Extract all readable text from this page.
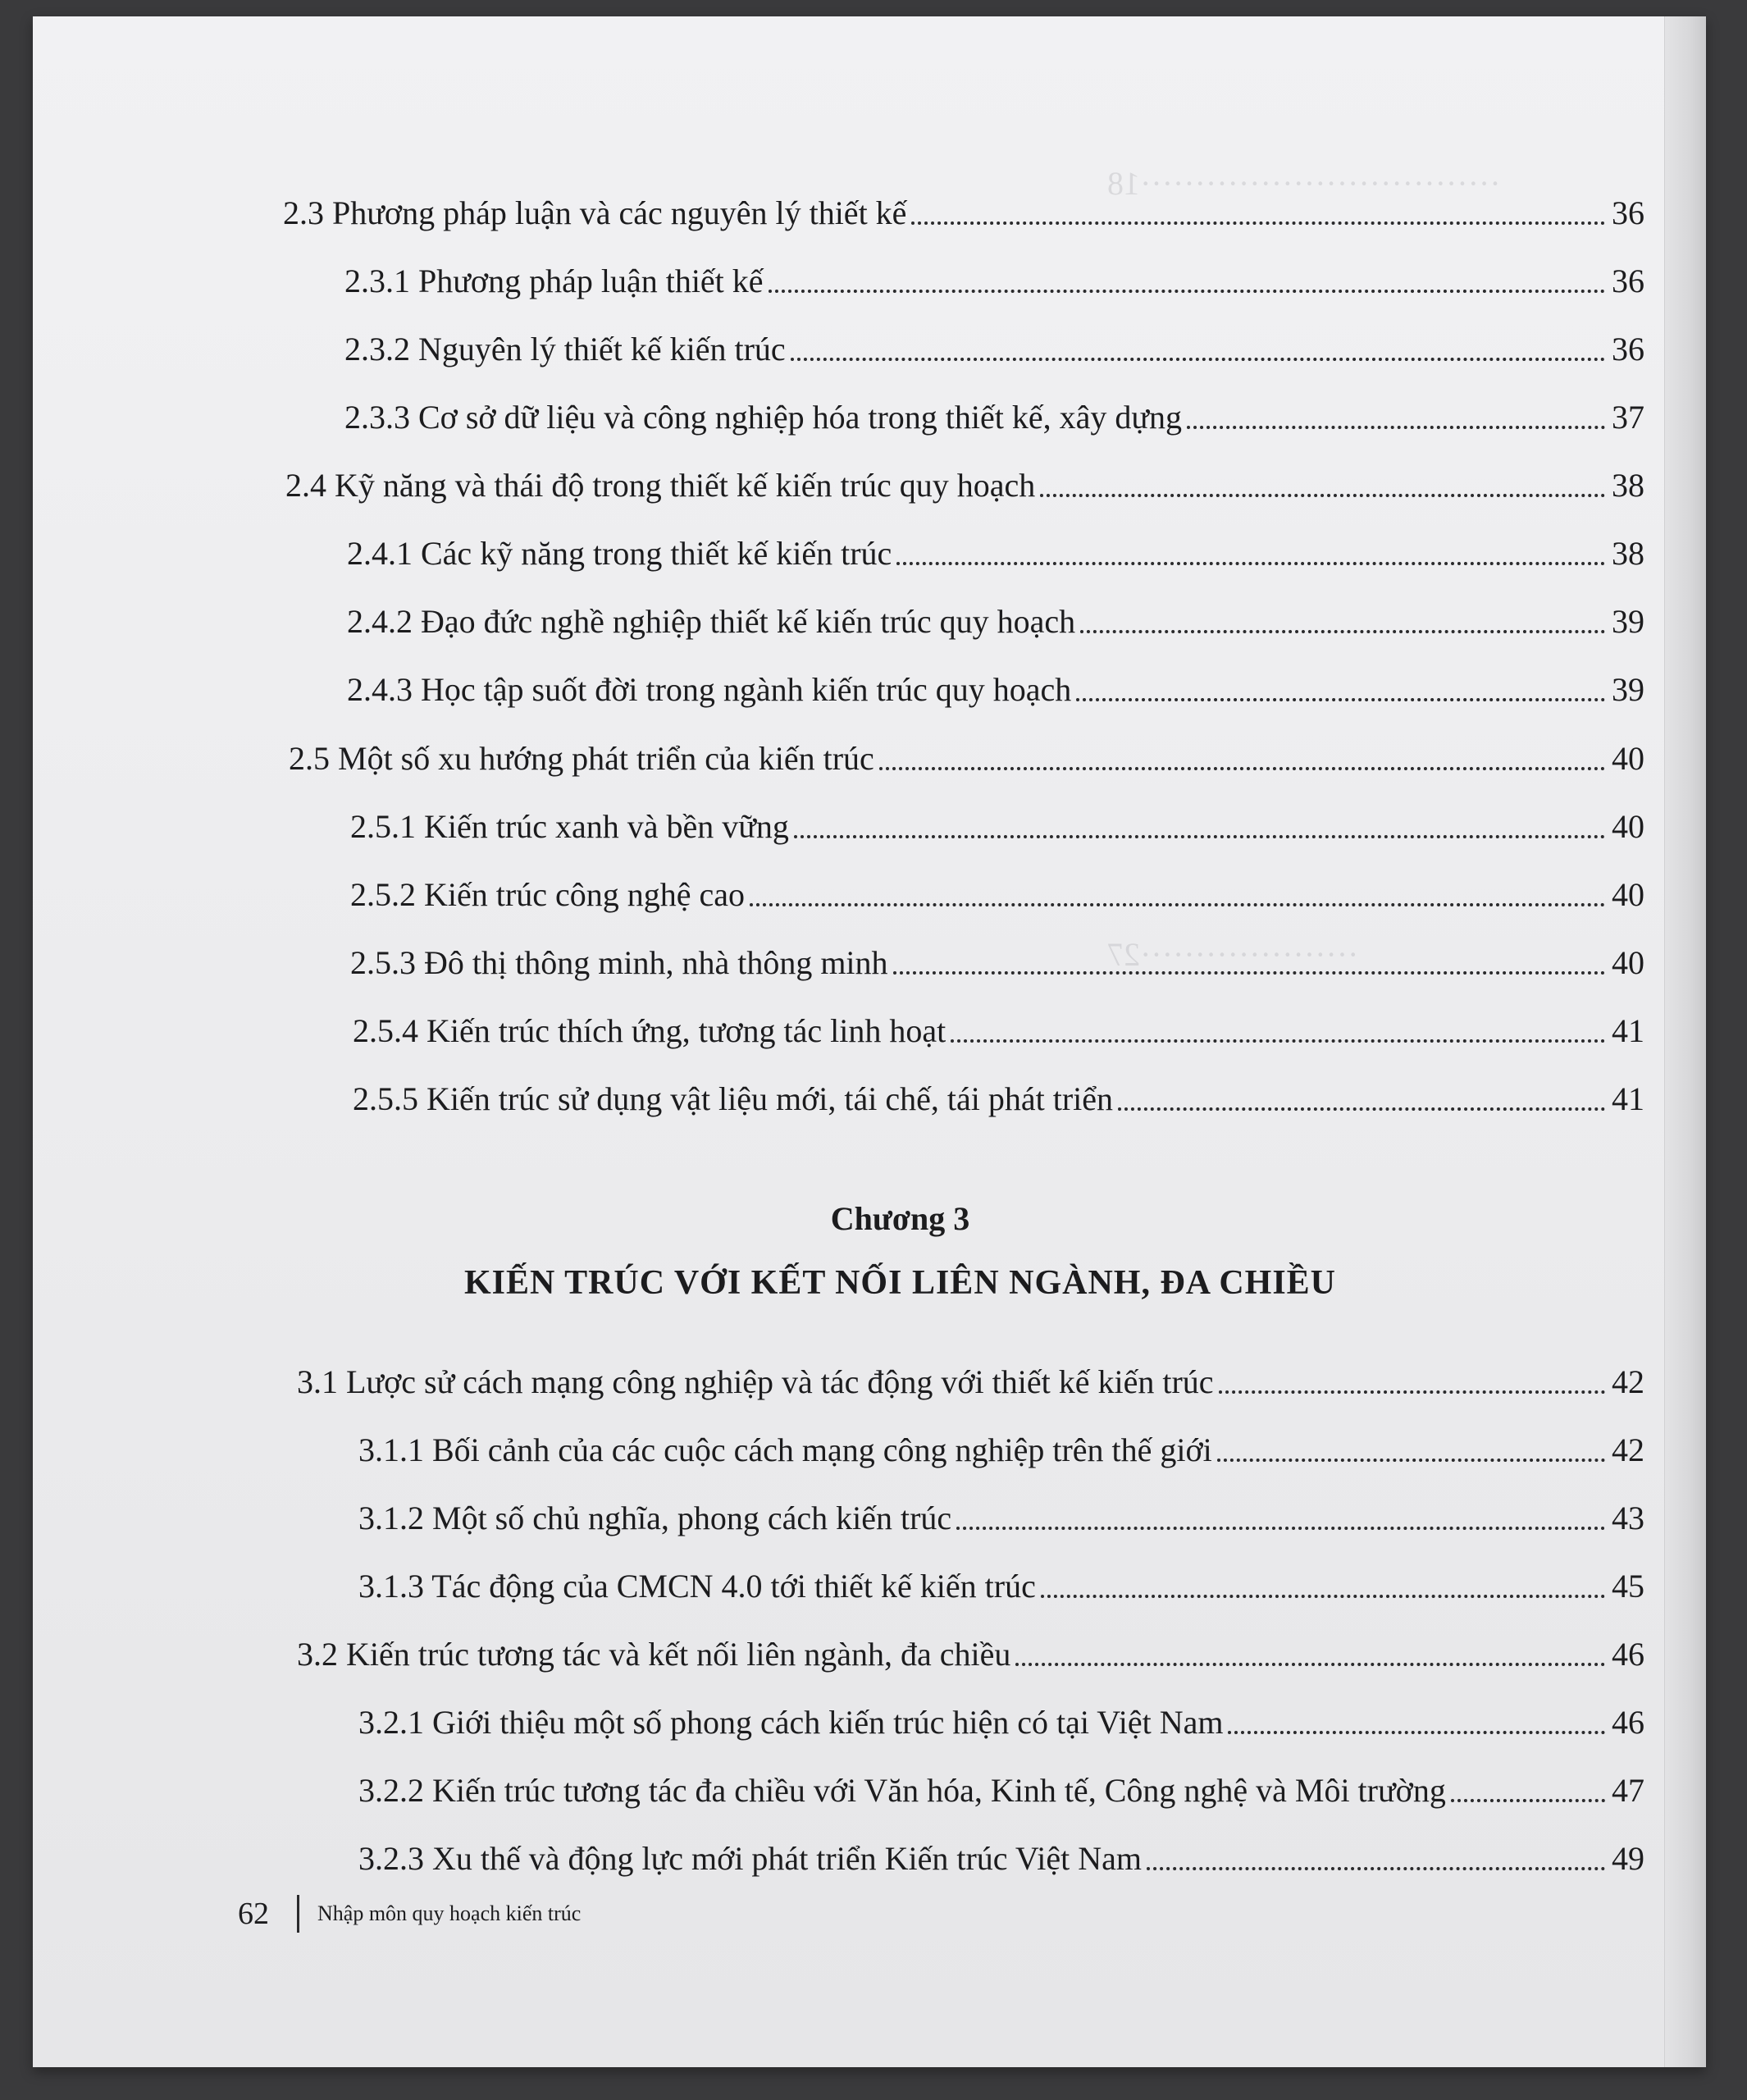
·································18
····················27
2.3 Phương pháp luận và các nguyên lý thiết kế	36
2.3.1 Phương pháp luận thiết kế	36
2.3.2 Nguyên lý thiết kế kiến trúc	36
2.3.3 Cơ sở dữ liệu và công nghiệp hóa trong thiết kế, xây dựng	37
2.4 Kỹ năng và thái độ trong thiết kế kiến trúc quy hoạch	38
2.4.1 Các kỹ năng trong thiết kế kiến trúc	38
2.4.2 Đạo đức nghề nghiệp thiết kế kiến trúc quy hoạch	39
2.4.3 Học tập suốt đời trong ngành kiến trúc quy hoạch	39
2.5 Một số xu hướng phát triển của kiến trúc	40
2.5.1 Kiến trúc xanh và bền vững	40
2.5.2 Kiến trúc công nghệ cao	40
2.5.3 Đô thị thông minh, nhà thông minh	40
2.5.4 Kiến trúc thích ứng, tương tác linh hoạt	41
2.5.5 Kiến trúc sử dụng vật liệu mới, tái chế, tái phát triển	41
Chương 3
KIẾN TRÚC VỚI KẾT NỐI LIÊN NGÀNH, ĐA CHIỀU
3.1 Lược sử cách mạng công nghiệp và tác động với thiết kế kiến trúc	42
3.1.1 Bối cảnh của các cuộc cách mạng công nghiệp trên thế giới	42
3.1.2 Một số chủ nghĩa, phong cách kiến trúc	43
3.1.3 Tác động của CMCN 4.0 tới thiết kế kiến trúc	45
3.2 Kiến trúc tương tác và kết nối liên ngành, đa chiều	46
3.2.1 Giới thiệu một số phong cách kiến trúc hiện có tại Việt Nam	46
3.2.2 Kiến trúc tương tác đa chiều với Văn hóa, Kinh tế, Công nghệ và Môi trường	47
3.2.3 Xu thế và động lực mới phát triển Kiến trúc Việt Nam	49
62 Nhập môn quy hoạch kiến trúc
